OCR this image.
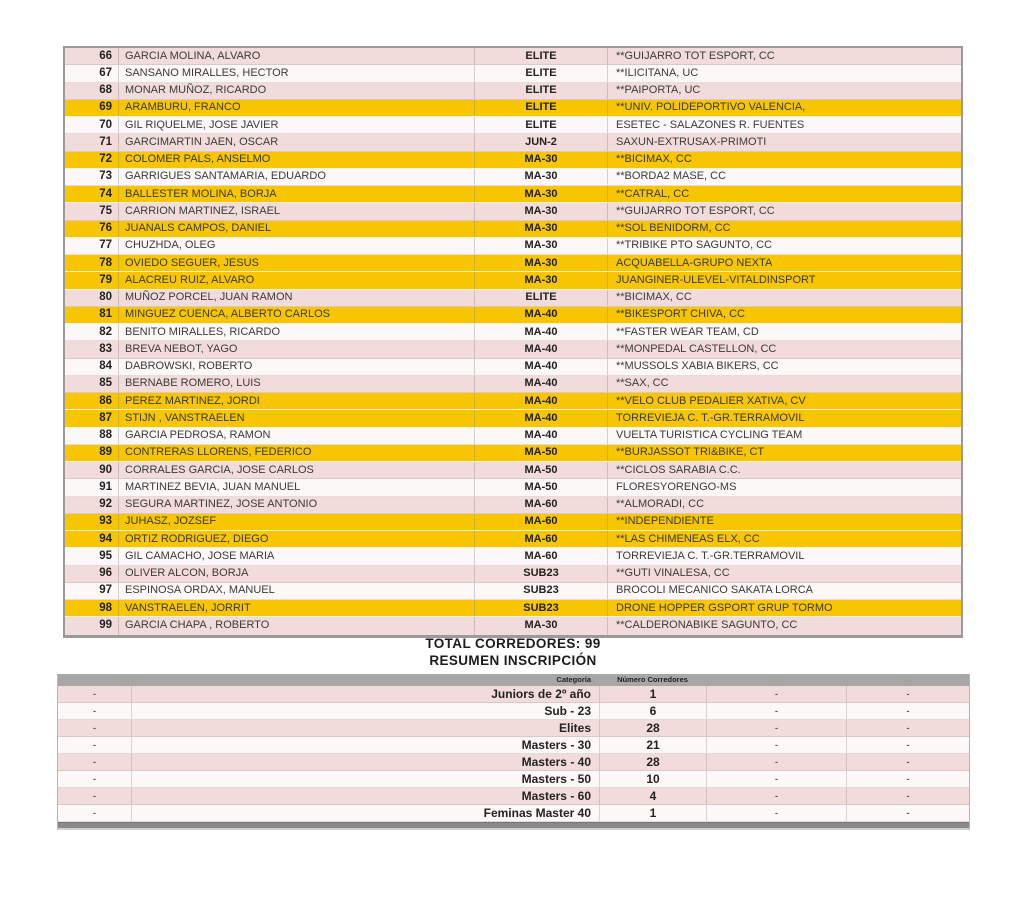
66	GARCIA MOLINA, ALVARO	ELITE	**GUIJARRO TOT ESPORT, CC
67	SANSANO MIRALLES, HECTOR	ELITE	**ILICITANA, UC
68	MONAR MUÑOZ, RICARDO	ELITE	**PAIPORTA, UC
69	ARAMBURU, FRANCO	ELITE	**UNIV. POLIDEPORTIVO VALENCIA,
70	GIL RIQUELME, JOSE JAVIER	ELITE	ESETEC - SALAZONES R. FUENTES
71	GARCIMARTIN JAEN, OSCAR	JUN-2	SAXUN-EXTRUSAX-PRIMOTI
72	COLOMER PALS, ANSELMO	MA-30	**BICIMAX, CC
73	GARRIGUES SANTAMARIA, EDUARDO	MA-30	**BORDA2 MASE, CC
74	BALLESTER MOLINA, BORJA	MA-30	**CATRAL, CC
75	CARRION MARTINEZ, ISRAEL	MA-30	**GUIJARRO TOT ESPORT, CC
76	JUANALS CAMPOS, DANIEL	MA-30	**SOL BENIDORM, CC
77	CHUZHDA, OLEG	MA-30	**TRIBIKE PTO SAGUNTO, CC
78	OVIEDO SEGUER, JESUS	MA-30	ACQUABELLA-GRUPO NEXTA
79	ALACREU RUIZ, ALVARO	MA-30	JUANGINER-ULEVEL-VITALDINSPORT
80	MUÑOZ PORCEL, JUAN RAMON	ELITE	**BICIMAX, CC
81	MINGUEZ CUENCA, ALBERTO CARLOS	MA-40	**BIKESPORT CHIVA, CC
82	BENITO MIRALLES, RICARDO	MA-40	**FASTER WEAR TEAM, CD
83	BREVA NEBOT, YAGO	MA-40	**MONPEDAL CASTELLON, CC
84	DABROWSKI, ROBERTO	MA-40	**MUSSOLS XABIA BIKERS, CC
85	BERNABE ROMERO, LUIS	MA-40	**SAX, CC
86	PEREZ MARTINEZ, JORDI	MA-40	**VELO CLUB PEDALIER XATIVA, CV
87	STIJN , VANSTRAELEN	MA-40	TORREVIEJA C. T.-GR.TERRAMOVIL
88	GARCIA PEDROSA, RAMON	MA-40	VUELTA TURISTICA CYCLING TEAM
89	CONTRERAS LLORENS, FEDERICO	MA-50	**BURJASSOT TRI&BIKE, CT
90	CORRALES GARCIA, JOSE CARLOS	MA-50	**CICLOS SARABIA C.C.
91	MARTINEZ BEVIA, JUAN MANUEL	MA-50	FLORESYORENGO-MS
92	SEGURA MARTINEZ, JOSE ANTONIO	MA-60	**ALMORADI, CC
93	JUHASZ, JOZSEF	MA-60	**INDEPENDIENTE
94	ORTIZ RODRIGUEZ, DIEGO	MA-60	**LAS CHIMENEAS ELX, CC
95	GIL CAMACHO, JOSE MARIA	MA-60	TORREVIEJA C. T.-GR.TERRAMOVIL
96	OLIVER ALCON, BORJA	SUB23	**GUTI VINALESA, CC
97	ESPINOSA ORDAX, MANUEL	SUB23	BROCOLI MECANICO SAKATA LORCA
98	VANSTRAELEN, JORRIT	SUB23	DRONE HOPPER GSPORT GRUP TORMO
99	GARCIA CHAPA , ROBERTO	MA-30	**CALDERONABIKE SAGUNTO, CC
TOTAL CORREDORES: 99
RESUMEN INSCRIPCIÓN
-	Categoría	Número Corredores	-	-
-	Juniors de 2º año	1	-	-
-	Sub - 23	6	-	-
-	Elites	28	-	-
-	Masters - 30	21	-	-
-	Masters - 40	28	-	-
-	Masters - 50	10	-	-
-	Masters - 60	4	-	-
-	Feminas Master 40	1	-	-
